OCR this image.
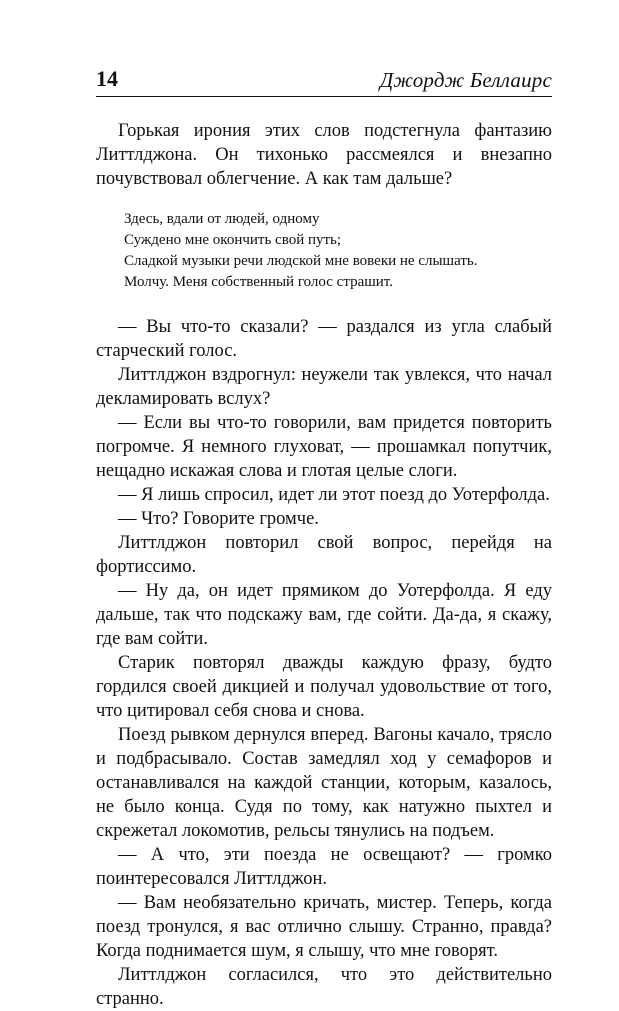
14	Джордж Беллаирс

Горькая ирония этих слов подстегнула фантазию Литтлджона. Он тихонько рассмеялся и внезапно почувствовал облегчение. А как там дальше?

Здесь, вдали от людей, одному
Суждено мне окончить свой путь;
Сладкой музыки речи людской мне вовеки не слышать.
Молчу. Меня собственный голос страшит.

— Вы что-то сказали? — раздался из угла слабый старческий голос.

Литтлджон вздрогнул: неужели так увлекся, что начал декламировать вслух?

— Если вы что-то говорили, вам придется повторить погромче. Я немного глуховат, — прошамкал попутчик, нещадно искажая слова и глотая целые слоги.

— Я лишь спросил, идет ли этот поезд до Уотерфолда.

— Что? Говорите громче.

Литтлджон повторил свой вопрос, перейдя на фортиссимо.

— Ну да, он идет прямиком до Уотерфолда. Я еду дальше, так что подскажу вам, где сойти. Да-да, я скажу, где вам сойти.

Старик повторял дважды каждую фразу, будто гордился своей дикцией и получал удовольствие от того, что цитировал себя снова и снова.

Поезд рывком дернулся вперед. Вагоны качало, трясло и подбрасывало. Состав замедлял ход у семафоров и останавливался на каждой станции, которым, казалось, не было конца. Судя по тому, как натужно пыхтел и скрежетал локомотив, рельсы тянулись на подъем.

— А что, эти поезда не освещают? — громко поинтересовался Литтлджон.

— Вам необязательно кричать, мистер. Теперь, когда поезд тронулся, я вас отлично слышу. Странно, правда? Когда поднимается шум, я слышу, что мне говорят.

Литтлджон согласился, что это действительно странно.
